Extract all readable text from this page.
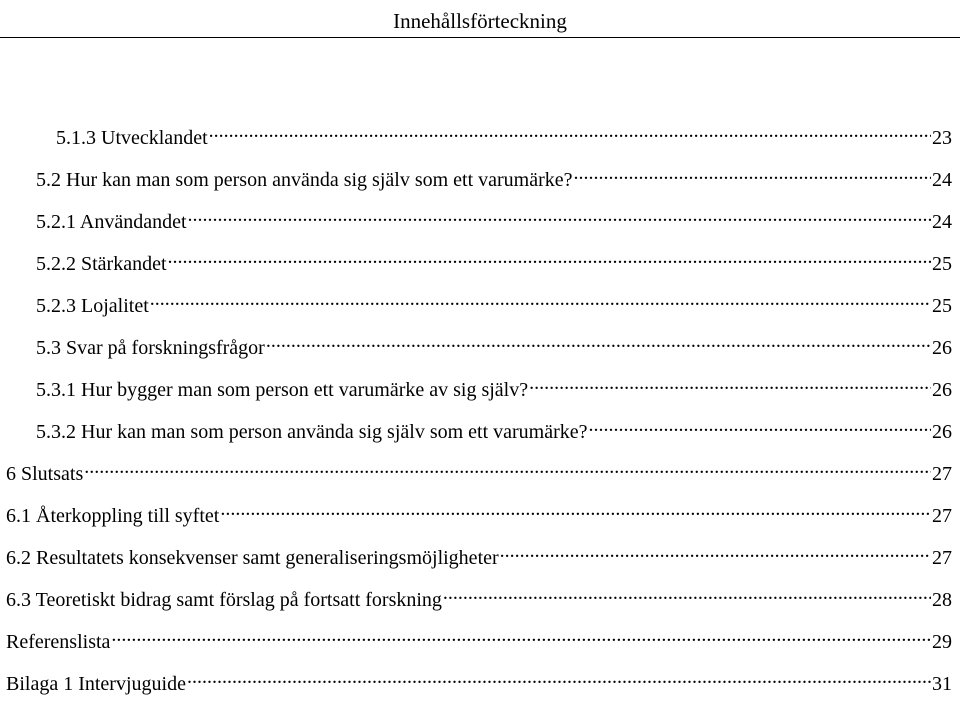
Innehållsförteckning
5.1.3 Utvecklandet .....	23
5.2 Hur kan man som person använda sig själv som ett varumärke? .....	24
5.2.1 Användandet .....	24
5.2.2 Stärkandet .....	25
5.2.3 Lojalitet .....	25
5.3 Svar på forskningsfrågor .....	26
5.3.1 Hur bygger man som person ett varumärke av sig själv? .....	26
5.3.2 Hur kan man som person använda sig själv som ett varumärke? .....	26
6 Slutsats .....	27
6.1 Återkoppling till syftet .....	27
6.2 Resultatets konsekvenser samt generaliseringsmöjligheter .....	27
6.3 Teoretiskt bidrag samt förslag på fortsatt forskning .....	28
Referenslista .....	29
Bilaga 1 Intervjuguide .....	31
